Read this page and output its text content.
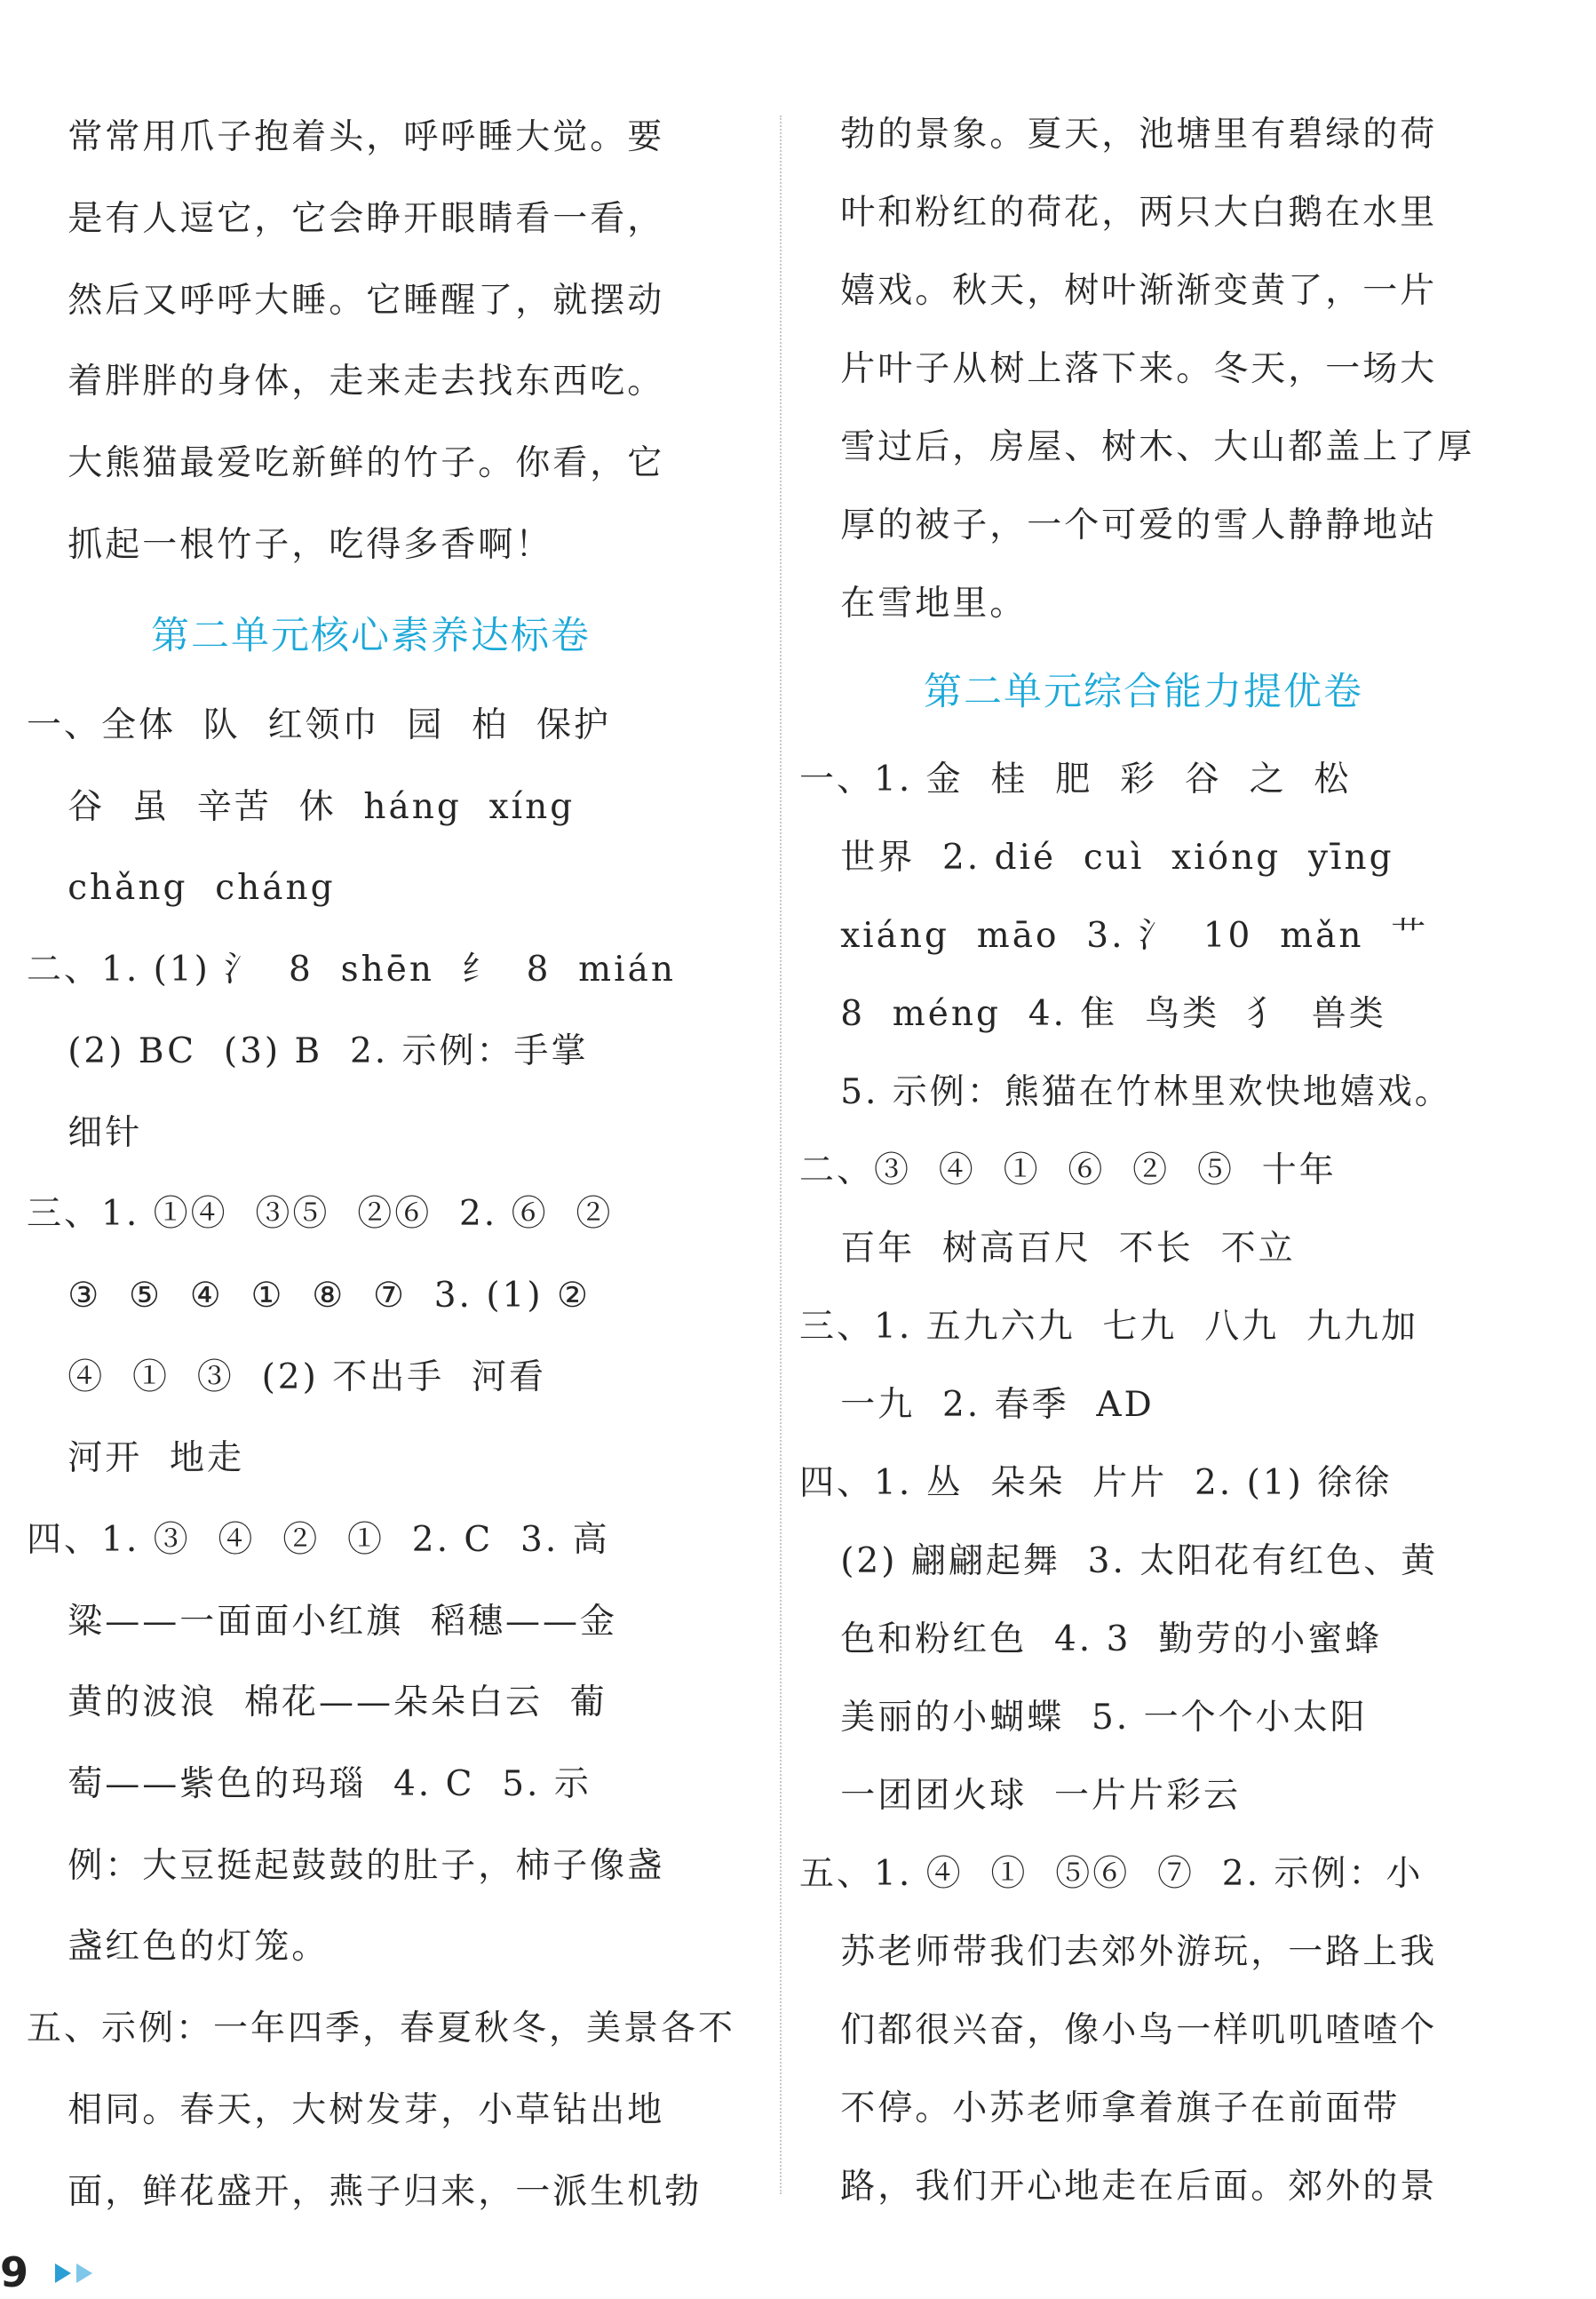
常常用爪子抱着头，呼呼睡大觉。要
是有人逗它，它会睁开眼睛看一看，
然后又呼呼大睡。它睡醒了，就摆动
着胖胖的身体，走来走去找东西吃。
大熊猫最爱吃新鲜的竹子。你看，它
抓起一根竹子，吃得多香啊！
第二单元核心素养达标卷
一、全体  队  红领巾  园  柏  保护
谷  虽  辛苦  休  háng  xíng
chǎng  cháng
二、1. (1) 氵  8  shēn  纟  8  mián
(2) BC  (3) B  2. 示例：手掌
细针
三、1. ①④  ③⑤  ②⑥  2. ⑥  ②
③  ⑤  ④  ①  ⑧  ⑦  3. (1) ②
④  ①  ③  (2) 不出手  河看
河开  地走
四、1. ③  ④  ②  ①  2. C  3. 高
粱——一面面小红旗  稻穗——金
黄的波浪  棉花——朵朵白云  葡
萄——紫色的玛瑙  4. C  5. 示
例：大豆挺起鼓鼓的肚子，柿子像盏
盏红色的灯笼。
五、示例：一年四季，春夏秋冬，美景各不
相同。春天，大树发芽，小草钻出地
面，鲜花盛开，燕子归来，一派生机勃
勃的景象。夏天，池塘里有碧绿的荷
叶和粉红的荷花，两只大白鹅在水里
嬉戏。秋天，树叶渐渐变黄了，一片
片叶子从树上落下来。冬天，一场大
雪过后，房屋、树木、大山都盖上了厚
厚的被子，一个可爱的雪人静静地站
在雪地里。
第二单元综合能力提优卷
一、1. 金  桂  肥  彩  谷  之  松
世界  2. dié  cuì  xióng  yīng
xiáng  māo  3. 氵  10  mǎn  艹
8  méng  4. 隹  鸟类  犭  兽类
5. 示例：熊猫在竹林里欢快地嬉戏。
二、③  ④  ①  ⑥  ②  ⑤  十年
百年  树高百尺  不长  不立
三、1. 五九六九  七九  八九  九九加
一九  2. 春季  AD
四、1. 丛  朵朵  片片  2. (1) 徐徐
(2) 翩翩起舞  3. 太阳花有红色、黄
色和粉红色  4. 3  勤劳的小蜜蜂
美丽的小蝴蝶  5. 一个个小太阳
一团团火球  一片片彩云
五、1. ④  ①  ⑤⑥  ⑦  2. 示例：小
苏老师带我们去郊外游玩，一路上我
们都很兴奋，像小鸟一样叽叽喳喳个
不停。小苏老师拿着旗子在前面带
路，我们开心地走在后面。郊外的景
9
